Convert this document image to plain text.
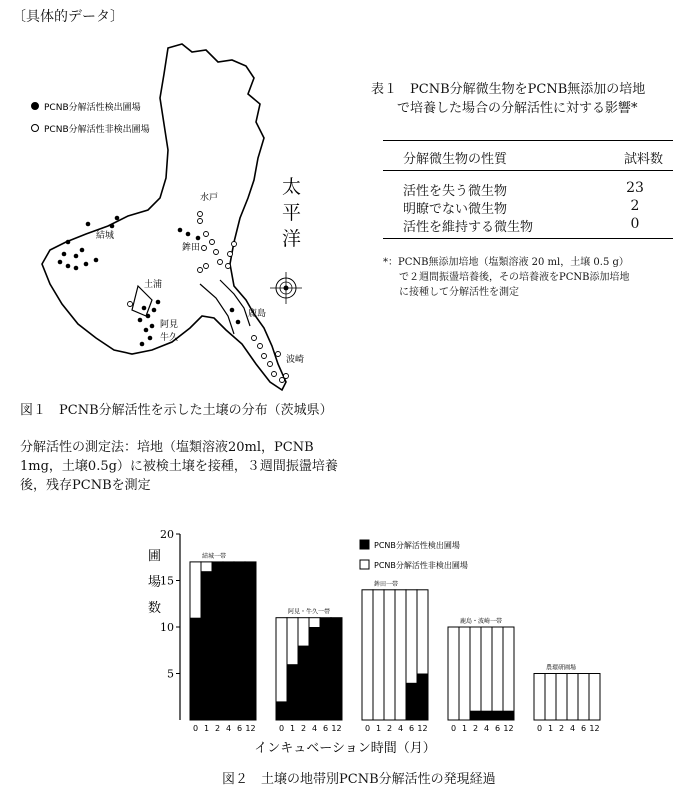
〔具体的データ〕
PCNB分解活性検出圃場
PCNB分解活性非検出圃場
太
平
洋
水戸
結城
鉾田
土浦
阿見
牛久
鹿島
波崎
図１　PCNB分解活性を示した土壌の分布（茨城県）
分解活性の測定法：培地（塩類溶液20ml，PCNB 1mg，土壌0.5g）に被検土壌を接種，３週間振盪培養後，残存PCNBを測定
表１　PCNB分解微生物をPCNB無添加の培地
で培養した場合の分解活性に対する影響*
分解微生物の性質	試料数
活性を失う微生物	23
明瞭でない微生物	2
活性を維持する微生物	0
*：PCNB無添加培地（塩類溶液 20 ml，土壌 0.5 g）
で２週間振盪培養後，その培養液をPCNB添加培地
に接種して分解活性を測定
圃
場
数
5
10
15
20
0 1 2 4 6 12
結城一帯
0 1 2 4 6 12
阿見・牛久一帯
0 1 2 4 6 12
鉾田一帯
0 1 2 4 6 12
鹿島・波崎一帯
0 1 2 4 6 12
農環研圃場
PCNB分解活性検出圃場
PCNB分解活性非検出圃場
インキュベーション時間（月）
図２　土壌の地帯別PCNB分解活性の発現経過
